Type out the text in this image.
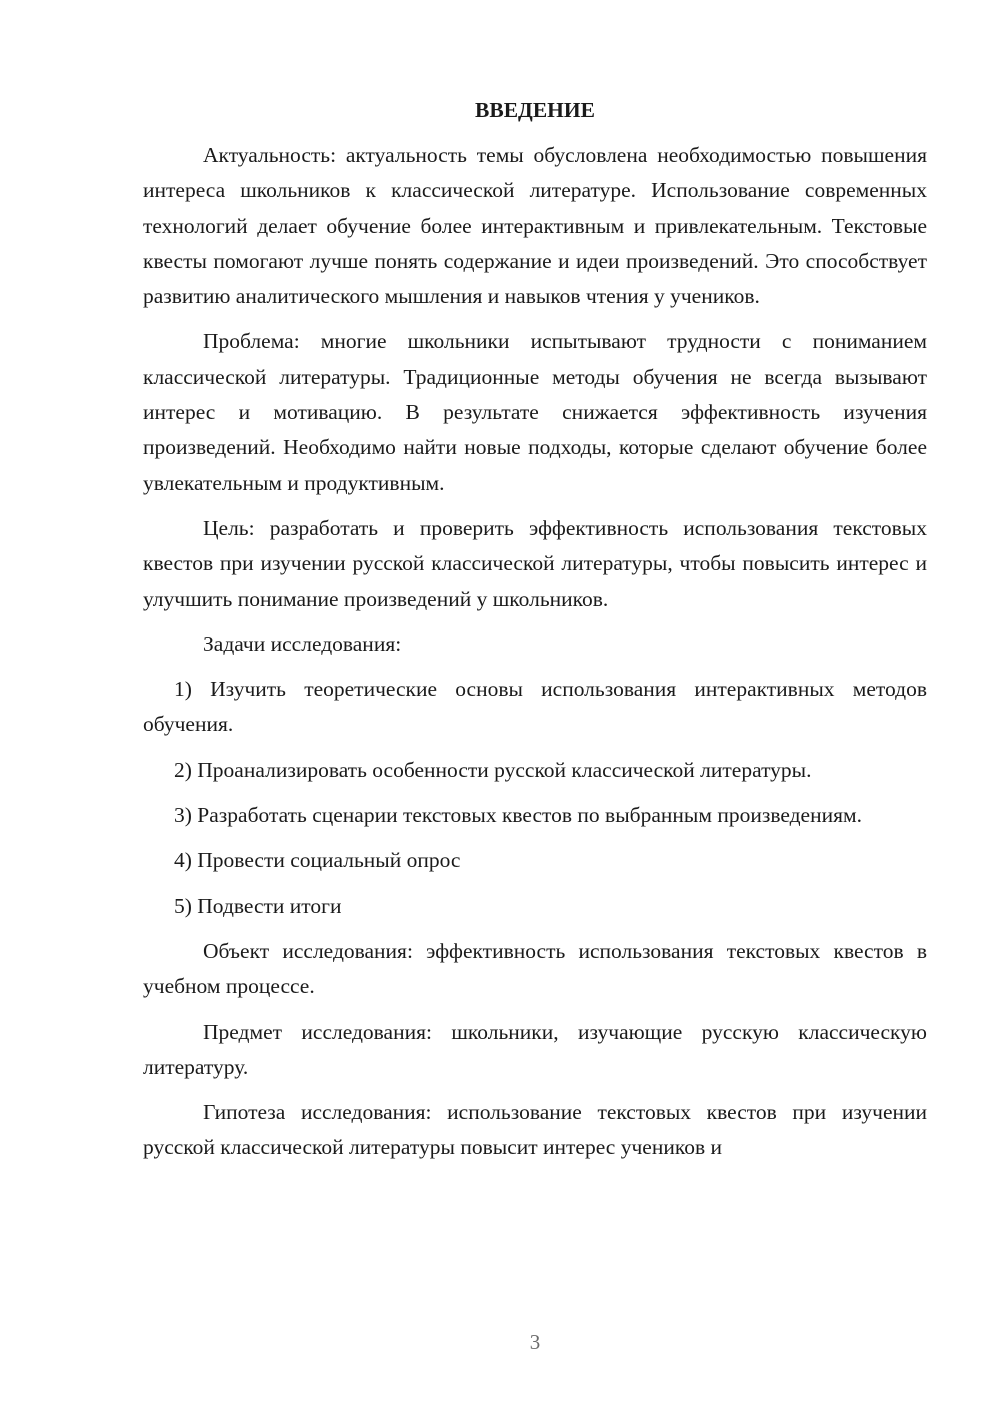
ВВЕДЕНИЕ

Актуальность: актуальность темы обусловлена необходимостью повышения интереса школьников к классической литературе. Использование современных технологий делает обучение более интерактивным и привлекательным. Текстовые квесты помогают лучше понять содержание и идеи произведений. Это способствует развитию аналитического мышления и навыков чтения у учеников.

Проблема: многие школьники испытывают трудности с пониманием классической литературы. Традиционные методы обучения не всегда вызывают интерес и мотивацию. В результате снижается эффективность изучения произведений. Необходимо найти новые подходы, которые сделают обучение более увлекательным и продуктивным.

Цель: разработать и проверить эффективность использования текстовых квестов при изучении русской классической литературы, чтобы повысить интерес и улучшить понимание произведений у школьников.

Задачи исследования:

1) Изучить теоретические основы использования интерактивных методов обучения.

2) Проанализировать особенности русской классической литературы.

3) Разработать сценарии текстовых квестов по выбранным произведениям.

4) Провести социальный опрос

5) Подвести итоги

Объект исследования: эффективность использования текстовых квестов в учебном процессе.

Предмет исследования: школьники, изучающие русскую классическую литературу.

Гипотеза исследования: использование текстовых квестов при изучении русской классической литературы повысит интерес учеников и

3
